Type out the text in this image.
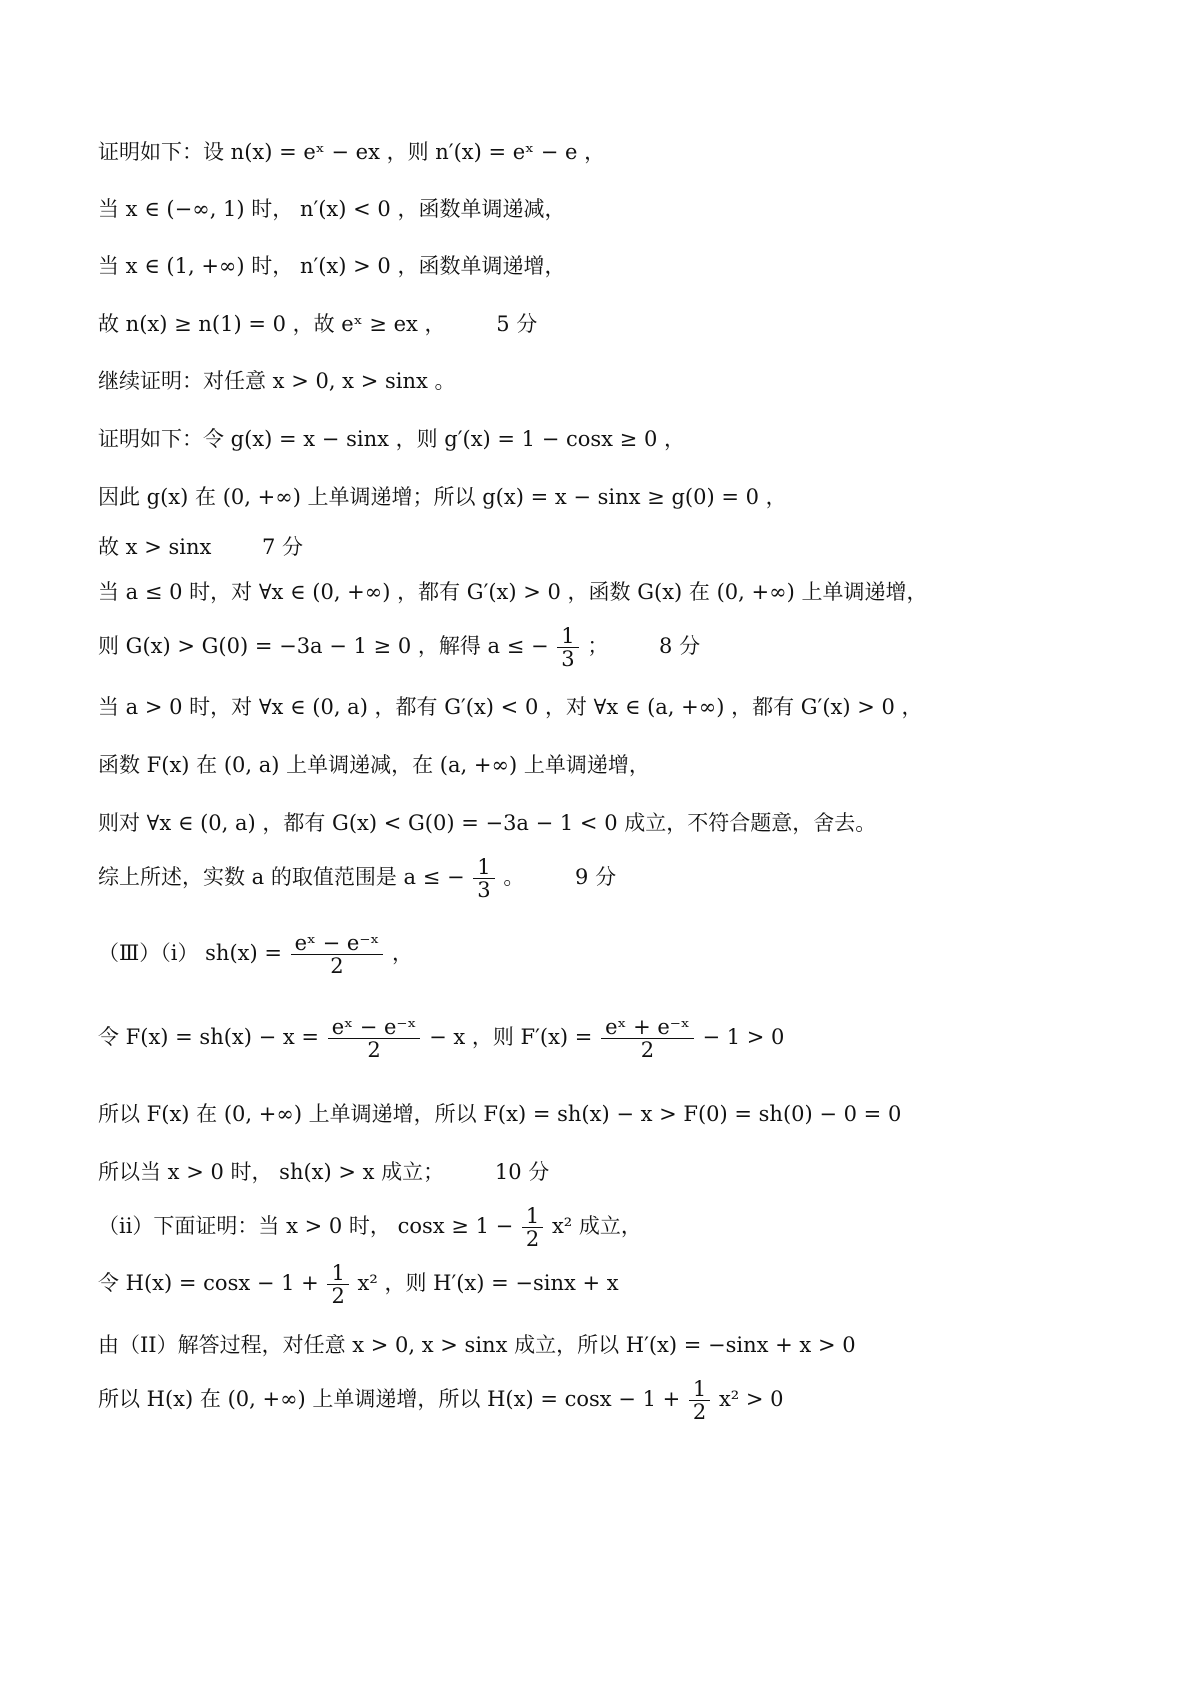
证明如下：设 n(x) = eˣ − ex ，则 n′(x) = eˣ − e ，
当 x ∈ (−∞, 1) 时， n′(x) < 0 ，函数单调递减，
当 x ∈ (1, +∞) 时， n′(x) > 0 ，函数单调递增，
故 n(x) ≥ n(1) = 0 ，故 eˣ ≥ ex ， 5 分
继续证明：对任意 x > 0, x > sinx 。
证明如下：令 g(x) = x − sinx ，则 g′(x) = 1 − cosx ≥ 0 ，
因此 g(x) 在 (0, +∞) 上单调递增；所以 g(x) = x − sinx ≥ g(0) = 0 ，
故 x > sinx 7 分
当 a ≤ 0 时，对 ∀x ∈ (0, +∞) ，都有 G′(x) > 0 ，函数 G(x) 在 (0, +∞) 上单调递增，
则 G(x) > G(0) = −3a − 1 ≥ 0 ，解得 a ≤ − $\frac{1}{3}$ ； 8 分
当 a > 0 时，对 ∀x ∈ (0, a) ，都有 G′(x) < 0 ，对 ∀x ∈ (a, +∞) ，都有 G′(x) > 0 ，
函数 F(x) 在 (0, a) 上单调递减，在 (a, +∞) 上单调递增，
则对 ∀x ∈ (0, a) ，都有 G(x) < G(0) = −3a − 1 < 0 成立，不符合题意，舍去。
综上所述，实数 a 的取值范围是 a ≤ − $\frac{1}{3}$ 。 9 分
（Ⅲ）（i） $sh(x) = \frac{\text{eˣ − e⁻ˣ}}{2}$ ，
令 $F(x) = sh(x) - x = \frac{\text{eˣ − e⁻ˣ}}{2} - x$ ，则 $F'(x) = \frac{\text{eˣ + e⁻ˣ}}{2} - 1 > 0$
所以 F(x) 在 (0, +∞) 上单调递增，所以 F(x) = sh(x) − x > F(0) = sh(0) − 0 = 0
所以当 x > 0 时， sh(x) > x 成立； 10 分
（ii）下面证明：当 x > 0 时， $\cos x \ge 1 - \frac{1}{2} x^2$ 成立，
令 $H(x) = \cos x - 1 + \frac{1}{2} x^2$ ，则 H′(x) = −sinx + x
由（II）解答过程，对任意 x > 0, x > sinx 成立，所以 H′(x) = −sinx + x > 0
所以 H(x) 在 (0, +∞) 上单调递增，所以 $H(x) = \cos x - 1 + \frac{1}{2} x^2 > 0$
